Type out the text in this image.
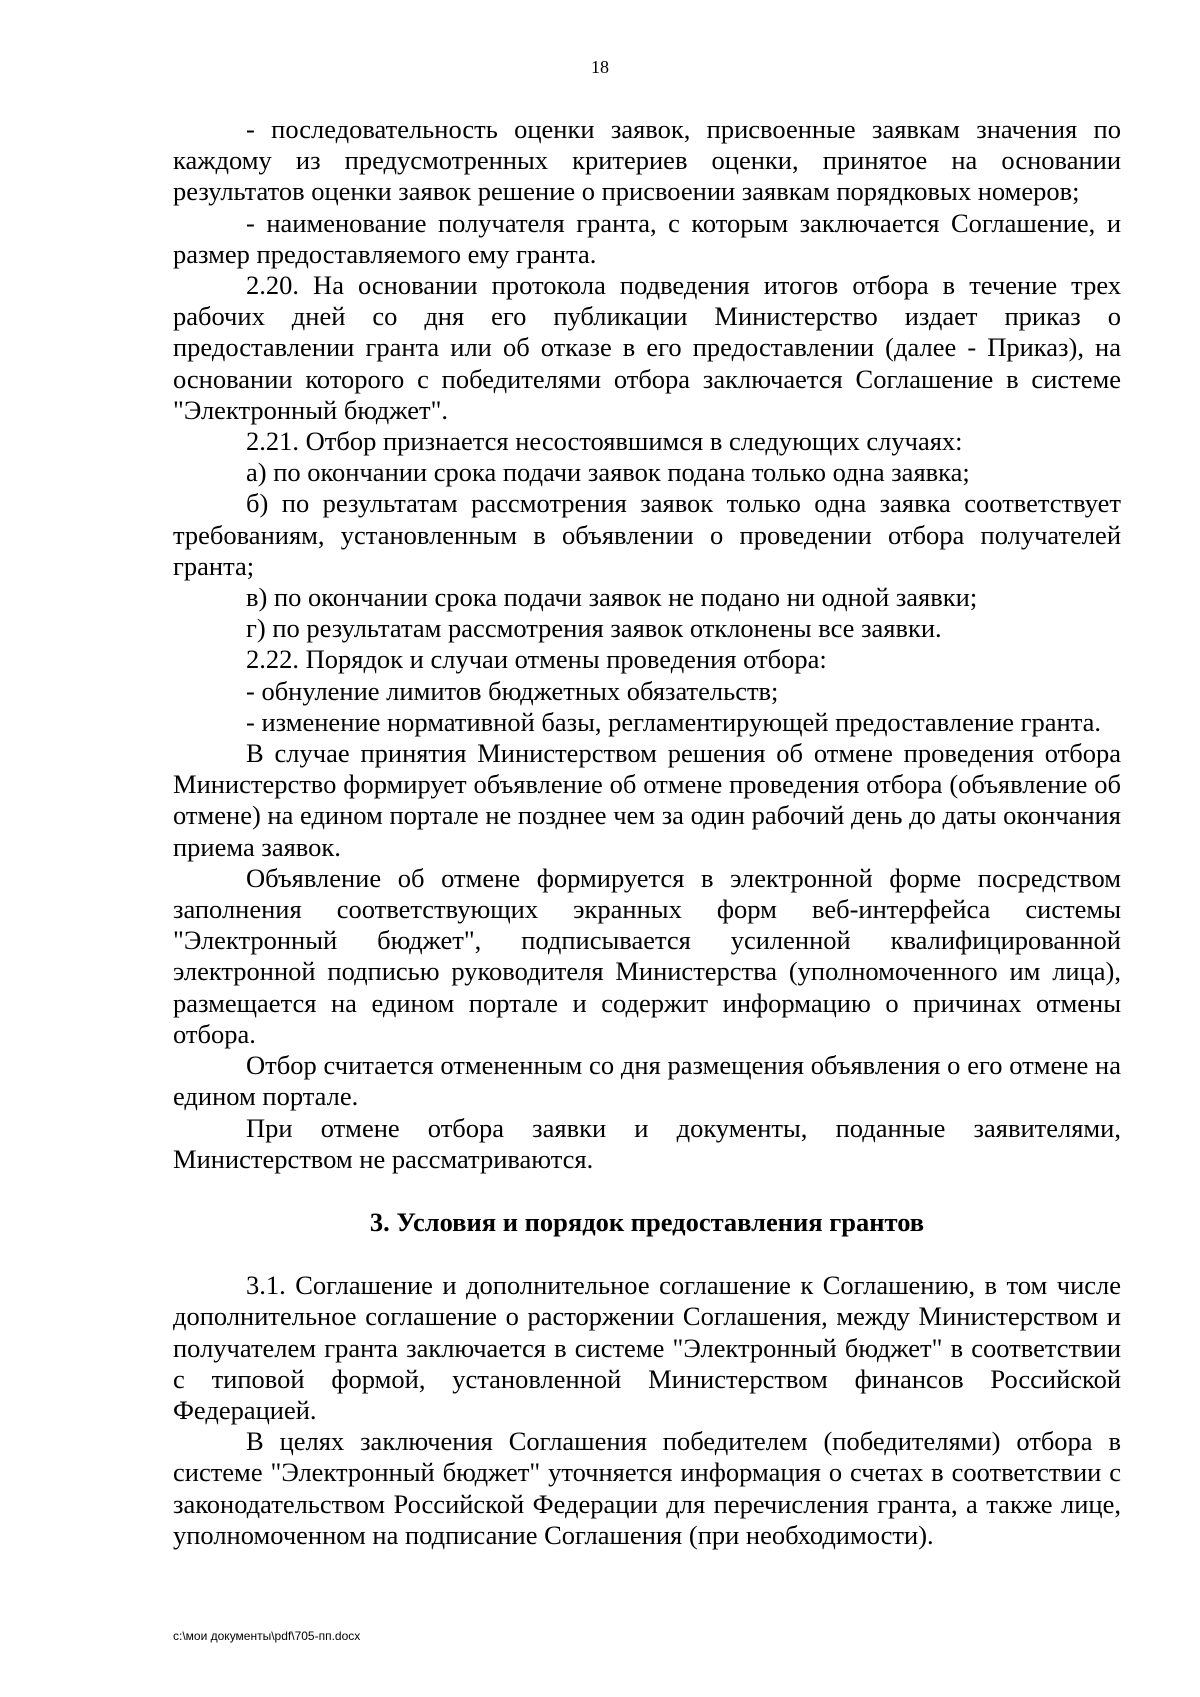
18

- последовательность оценки заявок, присвоенные заявкам значения по каждому из предусмотренных критериев оценки, принятое на основании результатов оценки заявок решение о присвоении заявкам порядковых номеров;

- наименование получателя гранта, с которым заключается Соглашение, и размер предоставляемого ему гранта.

2.20. На основании протокола подведения итогов отбора в течение трех рабочих дней со дня его публикации Министерство издает приказ о предоставлении гранта или об отказе в его предоставлении (далее - Приказ), на основании которого с победителями отбора заключается Соглашение в системе "Электронный бюджет".

2.21. Отбор признается несостоявшимся в следующих случаях:

а) по окончании срока подачи заявок подана только одна заявка;

б) по результатам рассмотрения заявок только одна заявка соответствует требованиям, установленным в объявлении о проведении отбора получателей гранта;

в) по окончании срока подачи заявок не подано ни одной заявки;

г) по результатам рассмотрения заявок отклонены все заявки.

2.22. Порядок и случаи отмены проведения отбора:

- обнуление лимитов бюджетных обязательств;

- изменение нормативной базы, регламентирующей предоставление гранта.

В случае принятия Министерством решения об отмене проведения отбора Министерство формирует объявление об отмене проведения отбора (объявление об отмене) на едином портале не позднее чем за один рабочий день до даты окончания приема заявок.

Объявление об отмене формируется в электронной форме посредством заполнения соответствующих экранных форм веб-интерфейса системы "Электронный бюджет", подписывается усиленной квалифицированной электронной подписью руководителя Министерства (уполномоченного им лица), размещается на едином портале и содержит информацию о причинах отмены отбора.

Отбор считается отмененным со дня размещения объявления о его отмене на едином портале.

При отмене отбора заявки и документы, поданные заявителями, Министерством не рассматриваются.

3. Условия и порядок предоставления грантов

3.1. Соглашение и дополнительное соглашение к Соглашению, в том числе дополнительное соглашение о расторжении Соглашения, между Министерством и получателем гранта заключается в системе "Электронный бюджет" в соответствии с типовой формой, установленной Министерством финансов Российской Федерацией.

В целях заключения Соглашения победителем (победителями) отбора в системе "Электронный бюджет" уточняется информация о счетах в соответствии с законодательством Российской Федерации для перечисления гранта, а также лице, уполномоченном на подписание Соглашения (при необходимости).

c:\мои документы\pdf\705-пп.docx
